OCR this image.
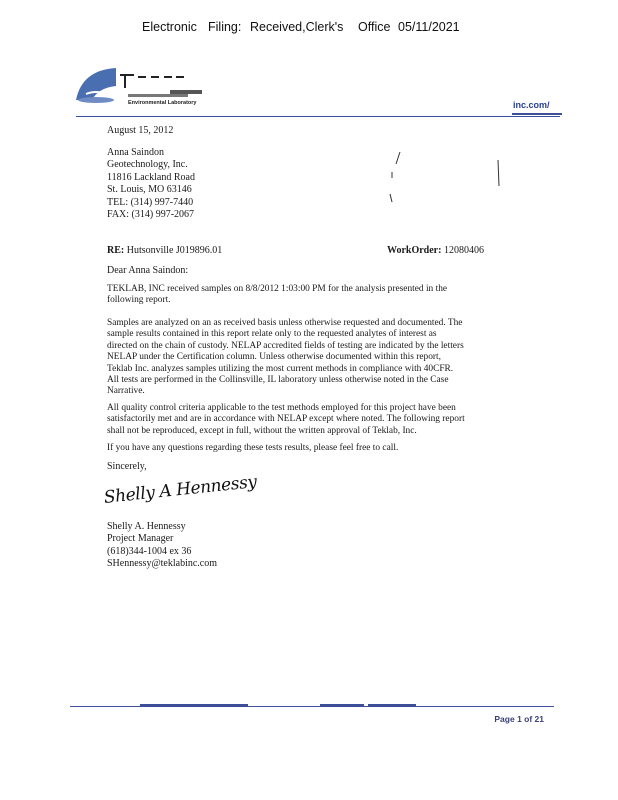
Electronic Filing: Received,Clerk's Office 05/11/2021
Environmental Laboratory	inc.com/
August 15, 2012
Anna Saindon
Geotechnology, Inc.
11816 Lackland Road
St. Louis, MO 63146
TEL: (314) 997-7440
FAX: (314) 997-2067
RE: Hutsonville J019896.01	WorkOrder: 12080406
Dear Anna Saindon:
TEKLAB, INC received samples on 8/8/2012 1:03:00 PM for the analysis presented in the
following report.
Samples are analyzed on an as received basis unless otherwise requested and documented. The
sample results contained in this report relate only to the requested analytes of interest as
directed on the chain of custody. NELAP accredited fields of testing are indicated by the letters
NELAP under the Certification column. Unless otherwise documented within this report,
Teklab Inc. analyzes samples utilizing the most current methods in compliance with 40CFR.
All tests are performed in the Collinsville, IL laboratory unless otherwise noted in the Case
Narrative.
All quality control criteria applicable to the test methods employed for this project have been
satisfactorily met and are in accordance with NELAP except where noted. The following report
shall not be reproduced, except in full, without the written approval of Teklab, Inc.
If you have any questions regarding these tests results, please feel free to call.
Sincerely,
Shelly A Hennessy
Shelly A. Hennessy
Project Manager
(618)344-1004 ex 36
SHennessy@teklabinc.com
Page 1 of 21
